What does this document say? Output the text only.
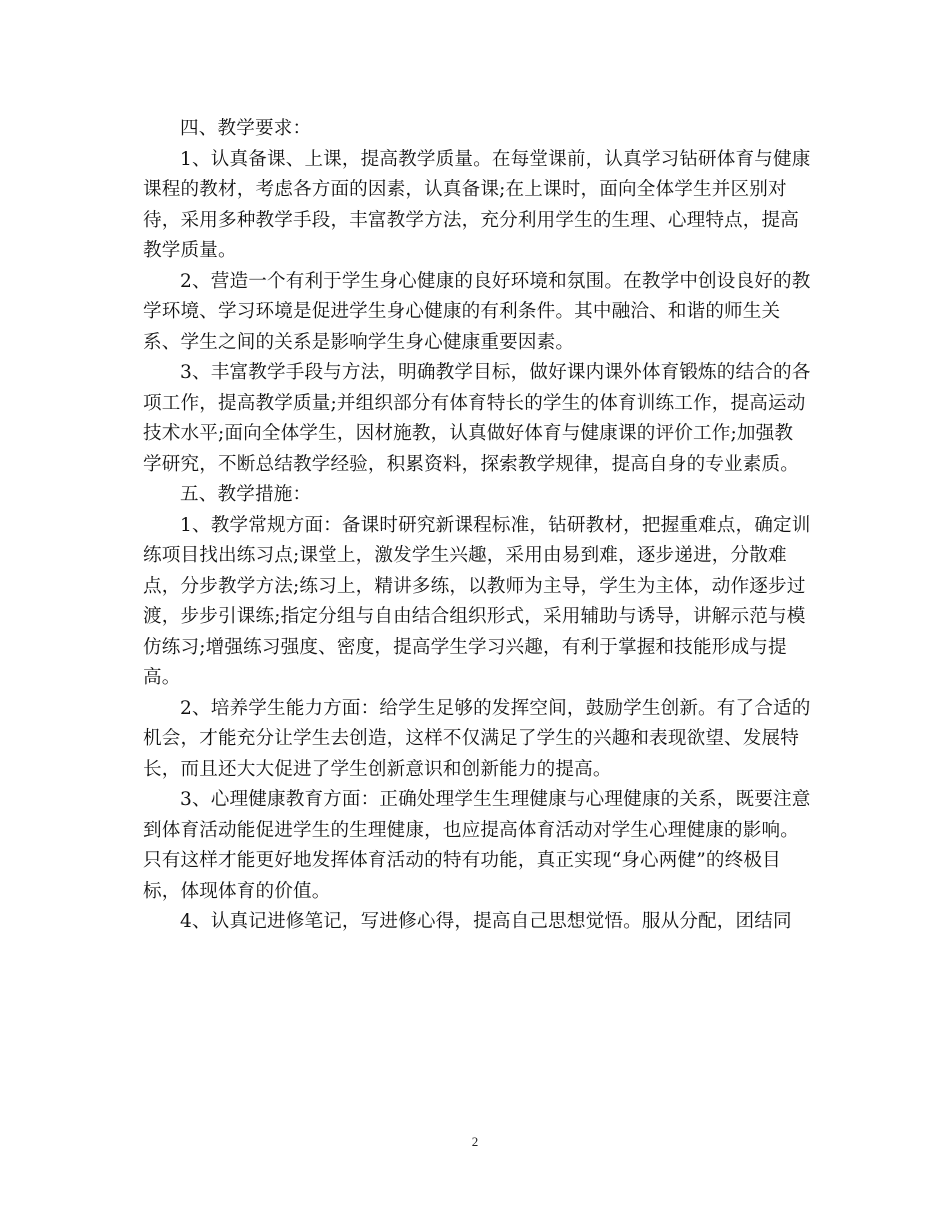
四、教学要求：
1、认真备课、上课，提高教学质量。在每堂课前，认真学习钻研体育与健康
课程的教材，考虑各方面的因素，认真备课;在上课时，面向全体学生并区别对
待，采用多种教学手段，丰富教学方法，充分利用学生的生理、心理特点，提高
教学质量。
2、营造一个有利于学生身心健康的良好环境和氛围。在教学中创设良好的教
学环境、学习环境是促进学生身心健康的有利条件。其中融洽、和谐的师生关
系、学生之间的关系是影响学生身心健康重要因素。
3、丰富教学手段与方法，明确教学目标，做好课内课外体育锻炼的结合的各
项工作，提高教学质量;并组织部分有体育特长的学生的体育训练工作，提高运动
技术水平;面向全体学生，因材施教，认真做好体育与健康课的评价工作;加强教
学研究，不断总结教学经验，积累资料，探索教学规律，提高自身的专业素质。
五、教学措施：
1、教学常规方面：备课时研究新课程标准，钻研教材，把握重难点，确定训
练项目找出练习点;课堂上，激发学生兴趣，采用由易到难，逐步递进，分散难
点，分步教学方法;练习上，精讲多练，以教师为主导，学生为主体，动作逐步过
渡，步步引课练;指定分组与自由结合组织形式，采用辅助与诱导，讲解示范与模
仿练习;增强练习强度、密度，提高学生学习兴趣，有利于掌握和技能形成与提
高。
2、培养学生能力方面：给学生足够的发挥空间，鼓励学生创新。有了合适的
机会，才能充分让学生去创造，这样不仅满足了学生的兴趣和表现欲望、发展特
长，而且还大大促进了学生创新意识和创新能力的提高。
3、心理健康教育方面：正确处理学生生理健康与心理健康的关系，既要注意
到体育活动能促进学生的生理健康，也应提高体育活动对学生心理健康的影响。
只有这样才能更好地发挥体育活动的特有功能，真正实现“身心两健”的终极目
标，体现体育的价值。
4、认真记进修笔记，写进修心得，提高自己思想觉悟。服从分配，团结同
2
